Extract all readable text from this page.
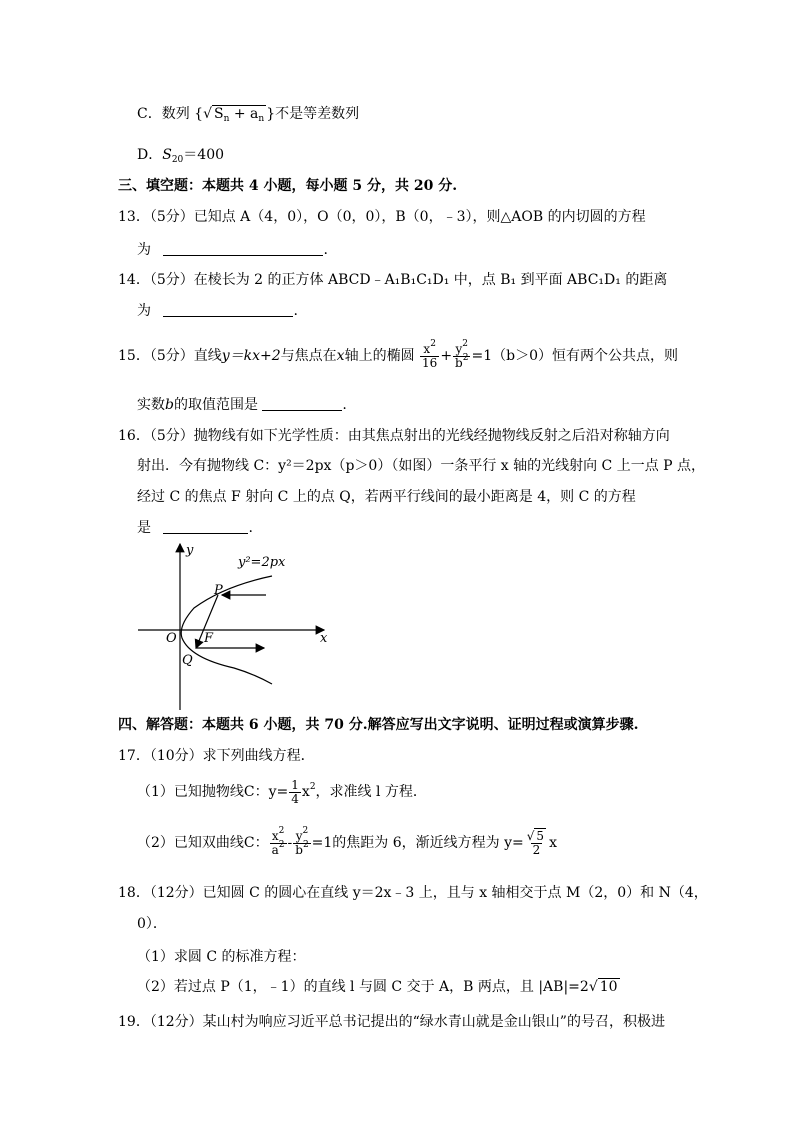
C．数列 {√ $S_n + a_n$ }不是等差数列
D．$S_{20}=400$
三、填空题：本题共 4 小题，每小题 5 分，共 20 分.
13．（5分）已知点 A（4，0），O（0，0），B（0，﹣3），则△AOB 的内切圆的方程
为	.
14．（5分）在棱长为 2 的正方体 ABCD﹣A₁B₁C₁D₁ 中，点 B₁ 到平面 ABC₁D₁ 的距离
为	.
15．（5分）直线y＝kx+2与焦点在x轴上的椭圆 $\frac{x^2}{16} + \frac{y^2}{b^2} =1(b>0)$恒有两个公共点，则
实数b的取值范围是	.
16．（5分）抛物线有如下光学性质：由其焦点射出的光线经抛物线反射之后沿对称轴方向
射出．今有抛物线 C：y²＝2px（p＞0）（如图）一条平行 x 轴的光线射向 C 上一点 P 点，
经过 C 的焦点 F 射向 C 上的点 Q，若两平行线间的最小距离是 4，则 C 的方程
是	.
y²=2px
y
x
O
P
F
Q
四、解答题：本题共 6 小题，共 70 分.解答应写出文字说明、证明过程或演算步骤.
17．（10分）求下列曲线方程．
（1）已知抛物线C：$y= \frac{1}{4} x^2$，求准线 l 方程．
（2）已知双曲线C： $\frac{x^2}{a^2} - \frac{y^2}{b^2} =1$的焦距为 6，渐近线方程为 $y= \frac{√ 5}{2}$ x
18．（12分）已知圆 C 的圆心在直线 y＝2x﹣3 上，且与 x 轴相交于点 M（2，0）和 N（4，
0）．
（1）求圆 C 的标准方程：
（2）若过点 P（1，﹣1）的直线 l 与圆 C 交于 A，B 两点，且 |AB|=2√ 10
19．（12分）某山村为响应习近平总书记提出的“绿水青山就是金山银山”的号召，积极进
